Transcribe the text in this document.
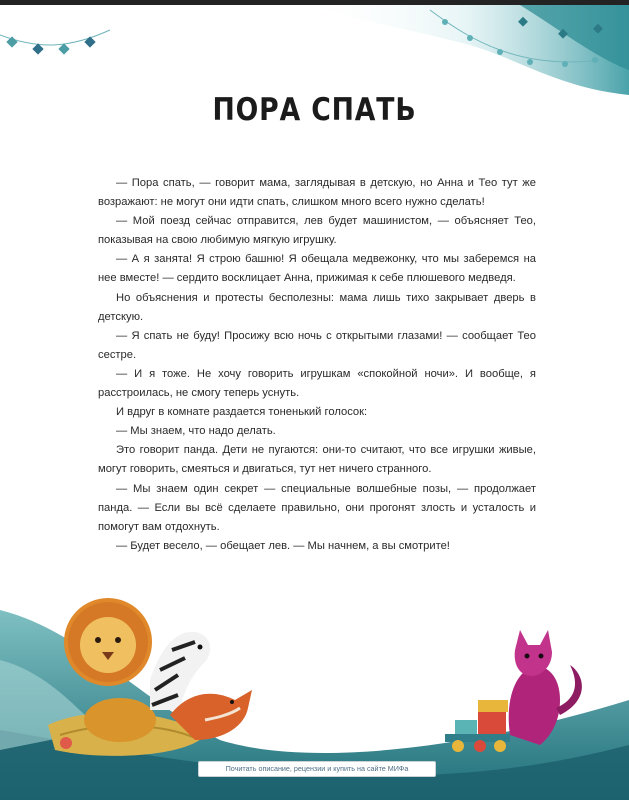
ПОРА СПАТЬ

— Пора спать, — говорит мама, заглядывая в детскую, но Анна и Тео тут же возражают: не могут они идти спать, слишком много всего нужно сделать!

— Мой поезд сейчас отправится, лев будет машинистом, — объясняет Тео, показывая на свою любимую мягкую игрушку.

— А я занята! Я строю башню! Я обещала медвежонку, что мы заберемся на нее вместе! — сердито восклицает Анна, прижимая к себе плюшевого медведя.

Но объяснения и протесты бесполезны: мама лишь тихо закрывает дверь в детскую.

— Я спать не буду! Просижу всю ночь с открытыми глазами! — сообщает Тео сестре.

— И я тоже. Не хочу говорить игрушкам «спокойной ночи». И вообще, я расстроилась, не смогу теперь уснуть.

И вдруг в комнате раздается тоненький голосок:

— Мы знаем, что надо делать.

Это говорит панда. Дети не пугаются: они-то считают, что все игрушки живые, могут говорить, смеяться и двигаться, тут нет ничего странного.

— Мы знаем один секрет — специальные волшебные позы, — продолжает панда. — Если вы всё сделаете правильно, они прогонят злость и усталость и помогут вам отдохнуть.

— Будет весело, — обещает лев. — Мы начнем, а вы смотрите!

Почитать описание, рецензии и купить на сайте МИФа
